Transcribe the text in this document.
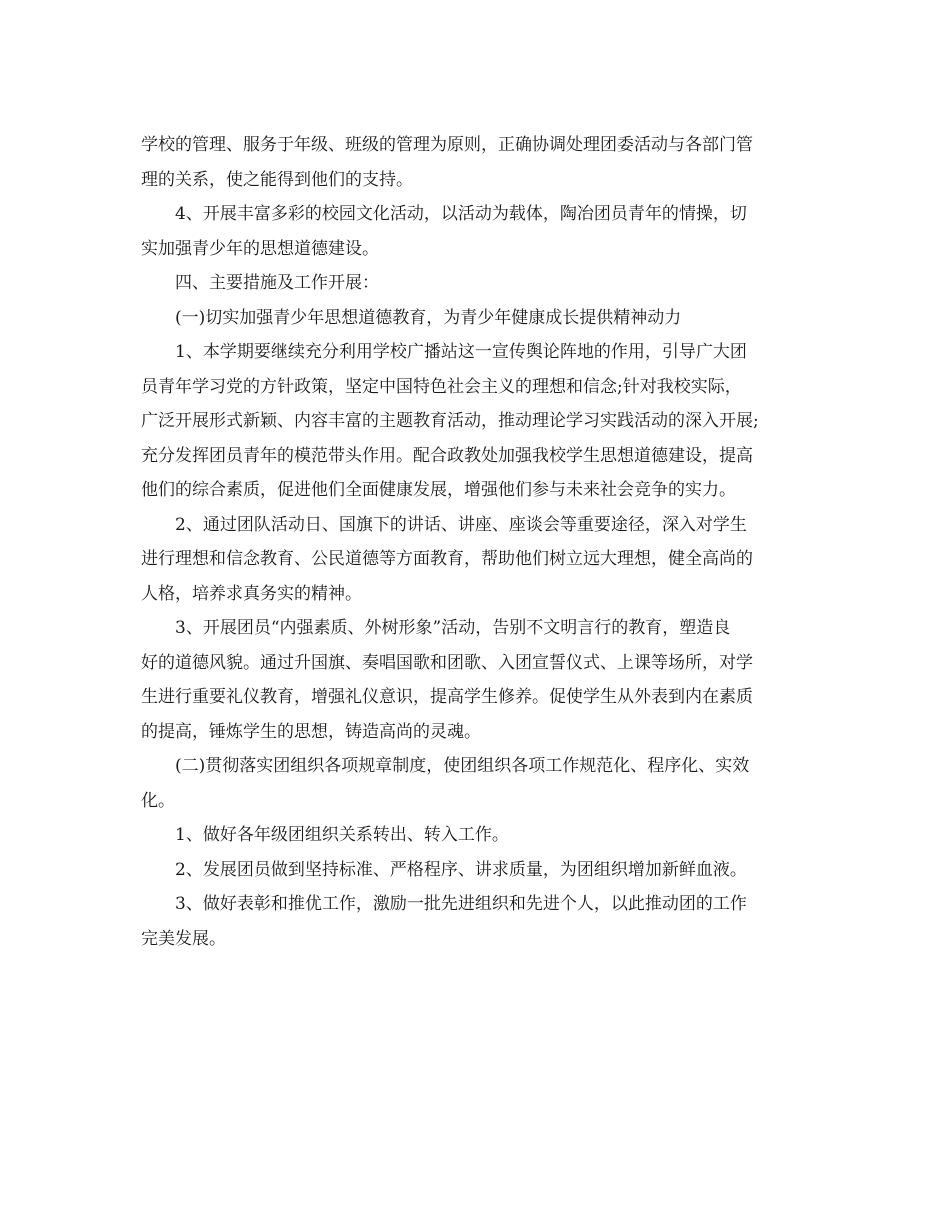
学校的管理、服务于年级、班级的管理为原则，正确协调处理团委活动与各部门管
理的关系，使之能得到他们的支持。
4、开展丰富多彩的校园文化活动，以活动为载体，陶冶团员青年的情操，切
实加强青少年的思想道德建设。
四、主要措施及工作开展：
(一)切实加强青少年思想道德教育，为青少年健康成长提供精神动力
1、本学期要继续充分利用学校广播站这一宣传舆论阵地的作用，引导广大团
员青年学习党的方针政策，坚定中国特色社会主义的理想和信念;针对我校实际，
广泛开展形式新颖、内容丰富的主题教育活动，推动理论学习实践活动的深入开展;
充分发挥团员青年的模范带头作用。配合政教处加强我校学生思想道德建设，提高
他们的综合素质，促进他们全面健康发展，增强他们参与未来社会竞争的实力。
2、通过团队活动日、国旗下的讲话、讲座、座谈会等重要途径，深入对学生
进行理想和信念教育、公民道德等方面教育，帮助他们树立远大理想，健全高尚的
人格，培养求真务实的精神。
3、开展团员“内强素质、外树形象”活动，告别不文明言行的教育，塑造良
好的道德风貌。通过升国旗、奏唱国歌和团歌、入团宣誓仪式、上课等场所，对学
生进行重要礼仪教育，增强礼仪意识，提高学生修养。促使学生从外表到内在素质
的提高，锤炼学生的思想，铸造高尚的灵魂。
(二)贯彻落实团组织各项规章制度，使团组织各项工作规范化、程序化、实效
化。
1、做好各年级团组织关系转出、转入工作。
2、发展团员做到坚持标准、严格程序、讲求质量，为团组织增加新鲜血液。
3、做好表彰和推优工作，激励一批先进组织和先进个人，以此推动团的工作
完美发展。
